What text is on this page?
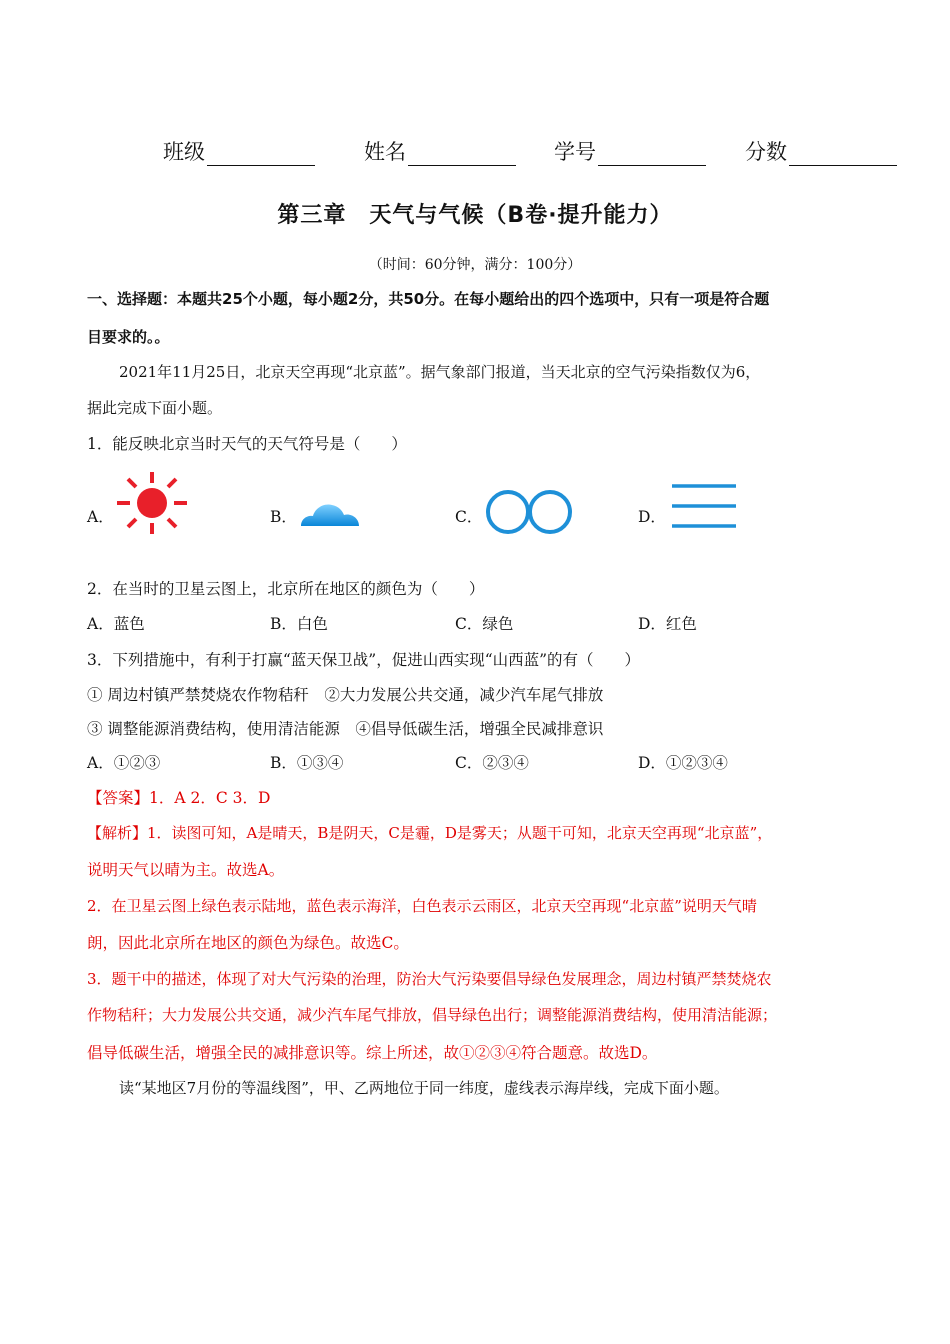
班级	姓名	学号	分数
第三章　天气与气候（B卷·提升能力）
（时间：60分钟，满分：100分）
一、选择题：本题共25个小题，每小题2分，共50分。在每小题给出的四个选项中，只有一项是符合题
目要求的。。
2021年11月25日，北京天空再现“北京蓝”。据气象部门报道，当天北京的空气污染指数仅为6，
据此完成下面小题。
1．能反映北京当时天气的天气符号是（　　）
A．	B．	C．	D．
2．在当时的卫星云图上，北京所在地区的颜色为（　　）
A．蓝色	B．白色	C．绿色	D．红色
3．下列措施中，有利于打赢“蓝天保卫战”，促进山西实现“山西蓝”的有（　　）
① 周边村镇严禁焚烧农作物秸秆　②大力发展公共交通，减少汽车尾气排放
③ 调整能源消费结构，使用清洁能源　④倡导低碳生活，增强全民减排意识
A．①②③	B．①③④	C．②③④	D．①②③④
【答案】1．A 2．C 3．D
【解析】1．读图可知，A是晴天，B是阴天，C是霾，D是雾天；从题干可知，北京天空再现“北京蓝”，
说明天气以晴为主。故选A。
2．在卫星云图上绿色表示陆地，蓝色表示海洋，白色表示云雨区，北京天空再现“北京蓝”说明天气晴
朗，因此北京所在地区的颜色为绿色。故选C。
3．题干中的描述，体现了对大气污染的治理，防治大气污染要倡导绿色发展理念，周边村镇严禁焚烧农
作物秸秆；大力发展公共交通，减少汽车尾气排放，倡导绿色出行；调整能源消费结构，使用清洁能源；
倡导低碳生活，增强全民的减排意识等。综上所述，故①②③④符合题意。故选D。
读“某地区7月份的等温线图”，甲、乙两地位于同一纬度，虚线表示海岸线，完成下面小题。
